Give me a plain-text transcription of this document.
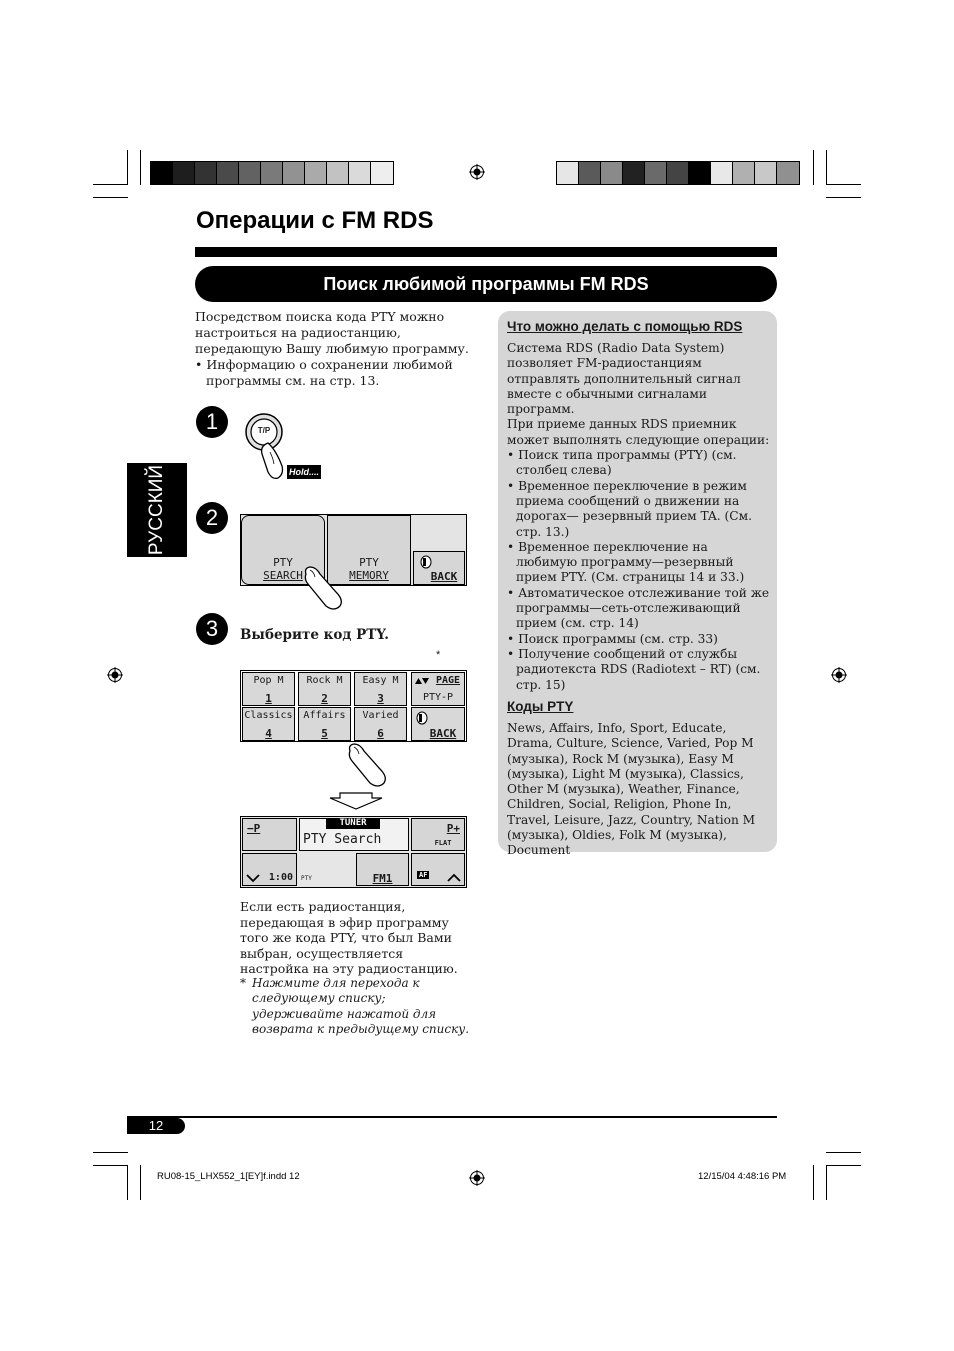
Операции с FM RDS
Поиск любимой программы FM RDS
РУССКИЙ

Посредством поиска кода PTY можно настроиться на радиостанцию, передающую Вашу любимую программу.

• Информацию о сохранении любимой программы см. на стр. 13.

1	T/P
Hold....
2
PTY
SEARCH
PTY
MEMORY	BACK
3	Выберите код PTY.
*
Pop M
1
Rock M
2
Easy M
3
Classics
4
Affairs
5
Varied
6
PAGE
PTY-P
BACK
−P	TUNER
PTY Search
P+
FLAT
1:00 PTY	FM1	AF
Если есть радиостанция, передающая в эфир программу того же кода PTY, что был Вами выбран, осуществляется настройка на эту радиостанцию.
* Нажмите для перехода к следующему списку; удерживайте нажатой для возврата к предыдущему списку.
Что можно делать с помощью RDS

Система RDS (Radio Data System) позволяет FM-радиостанциям отправлять дополнительный сигнал вместе с обычными сигналами программ.

При приеме данных RDS приемник может выполнять следующие операции:

• Поиск типа программы (PTY) (см. столбец слева)

• Временное переключение в режим приема сообщений о движении на дорогах— резервный прием TA. (См. стр. 13.)

• Временное переключение на любимую программу—резервный прием PTY. (См. страницы 14 и 33.)

• Автоматическое отслеживание той же программы—сеть-отслеживающий прием (см. стр. 14)

• Поиск программы (см. стр. 33)

• Получение сообщений от службы радиотекста RDS (Radiotext – RT) (см. стр. 15)

Коды PTY
News, Affairs, Info, Sport, Educate, Drama, Culture, Science, Varied, Pop M (музыка), Rock M (музыка), Easy M (музыка), Light M (музыка), Classics, Other M (музыка), Weather, Finance, Children, Social, Religion, Phone In, Travel, Leisure, Jazz, Country, Nation M (музыка), Oldies, Folk M (музыка), Document
12
RU08-15_LHX552_1[EY]f.indd 12	12/15/04 4:48:16 PM
